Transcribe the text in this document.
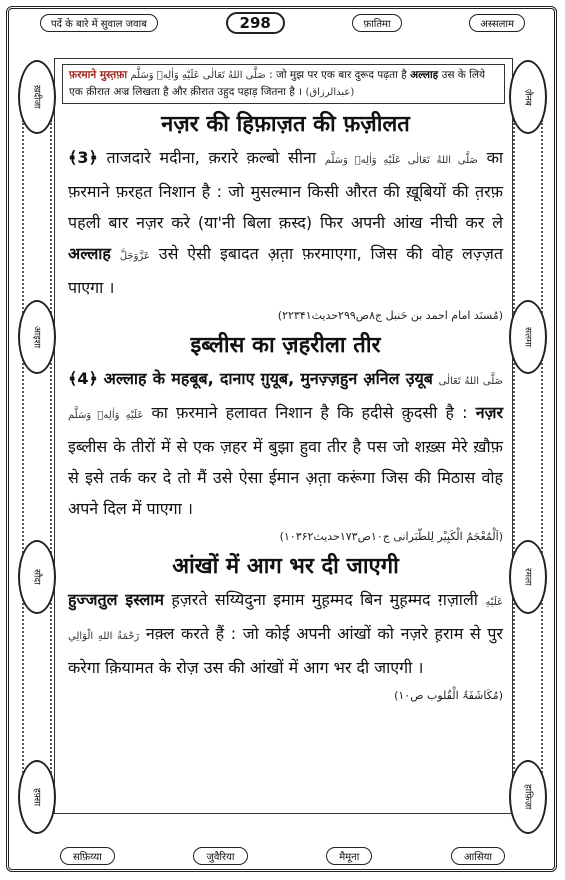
ख़दीजा
आइशा
सौदा
हफ़्सा
ज़ैनब
सलमा
रमला
हाफ़िज़ा
पर्दे के बारे में सुवाल जवाब	298	फ़ातिमा	अस्सलाम
फ़रमाने मुस्त़फ़ा صَلَّى اللهُ تَعَالٰى عَلَيْهِ وَاٰلِهٖ وَسَلَّم : जो मुझ पर एक बार दुरूद पढ़ता है अल्लाह उस के लिये एक क़ीरात अज्र लिखता है और क़ीरात उहुद पहाड़ जितना है । (عبدالرزاق)
नज़र की हिफ़ाज़त की फ़ज़ीलत

﴾3﴿ ताजदारे मदीना, क़रारे क़ल्बो सीना صَلَّى اللهُ تَعَالٰى عَلَيْهِ وَاٰلِهٖ وَسَلَّم का फ़रमाने फ़रहत निशान है : जो मुसल्मान किसी औरत की ख़ूबियों की त़रफ़ पहली बार नज़र करे (या'नी बिला क़स्द) फिर अपनी आंख नीची कर ले अल्लाह عَزَّوَجَلَّ उसे ऐसी इबादत अ़त़ा फ़रमाएगा, जिस की वोह लज़्ज़त पाएगा ।

(مُسنَد امام احمد بن حَنبل ج۸ص۲۹۹حدیث۲۲۳۴۱)
इब्लीस का ज़हरीला तीर

﴾4﴿ अल्लाह के महबूब, दानाए ग़ुयूब, मुनज़्ज़हुन अ़निल उ़यूब صَلَّى اللهُ تَعَالٰى عَلَيْهِ وَاٰلِهٖ وَسَلَّم का फ़रमाने हलावत निशान है कि हदीसे क़ुदसी है : नज़र इब्लीस के तीरों में से एक ज़हर में बुझा हुवा तीर है पस जो शख़्स मेरे ख़ौफ़ से इसे तर्क कर दे तो मैं उसे ऐसा ईमान अ़त़ा करूंगा जिस की मिठास वोह अपने दिल में पाएगा ।

(اَلْمُعْجَمُ الْکَبِیْر لِلطّبَرانی ج۱۰ص۱۷۳حدیث۱۰۳۶۲)
आंखों में आग भर दी जाएगी

हुज्जतुल इस्लाम ह़ज़रते सय्यिदुना इमाम मुह़म्मद बिन मुह़म्मद ग़ज़ाली عَلَيْهِ رَحْمَةُ اللهِ الْوَالِي नक़्ल करते हैं : जो कोई अपनी आंखों को नज़रे ह़राम से पुर करेगा क़ियामत के रोज़ उस की आंखों में आग भर दी जाएगी ।

(مُکَاشَفَۃُ الْقُلوب ص۱۰)
सफ़िय्या	जुवैरिया	मैमूना	आसिया
